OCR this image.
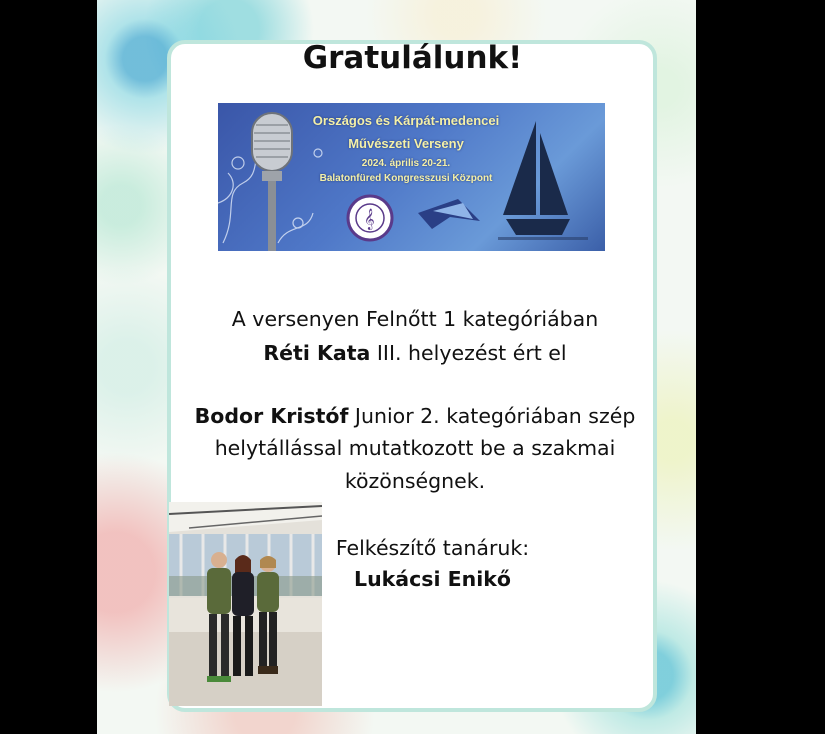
Gratulálunk!
𝄞
Országos és Kárpát-medencei
Művészeti Verseny
2024. április 20-21.
Balatonfüred Kongresszusi Központ
A versenyen Felnőtt 1 kategóriában
Réti Kata III. helyezést ért el
Bodor Kristóf Junior 2. kategóriában szép
helytállással mutatkozott be a szakmai
közönségnek.
Felkészítő tanáruk:
Lukácsi Enikő
